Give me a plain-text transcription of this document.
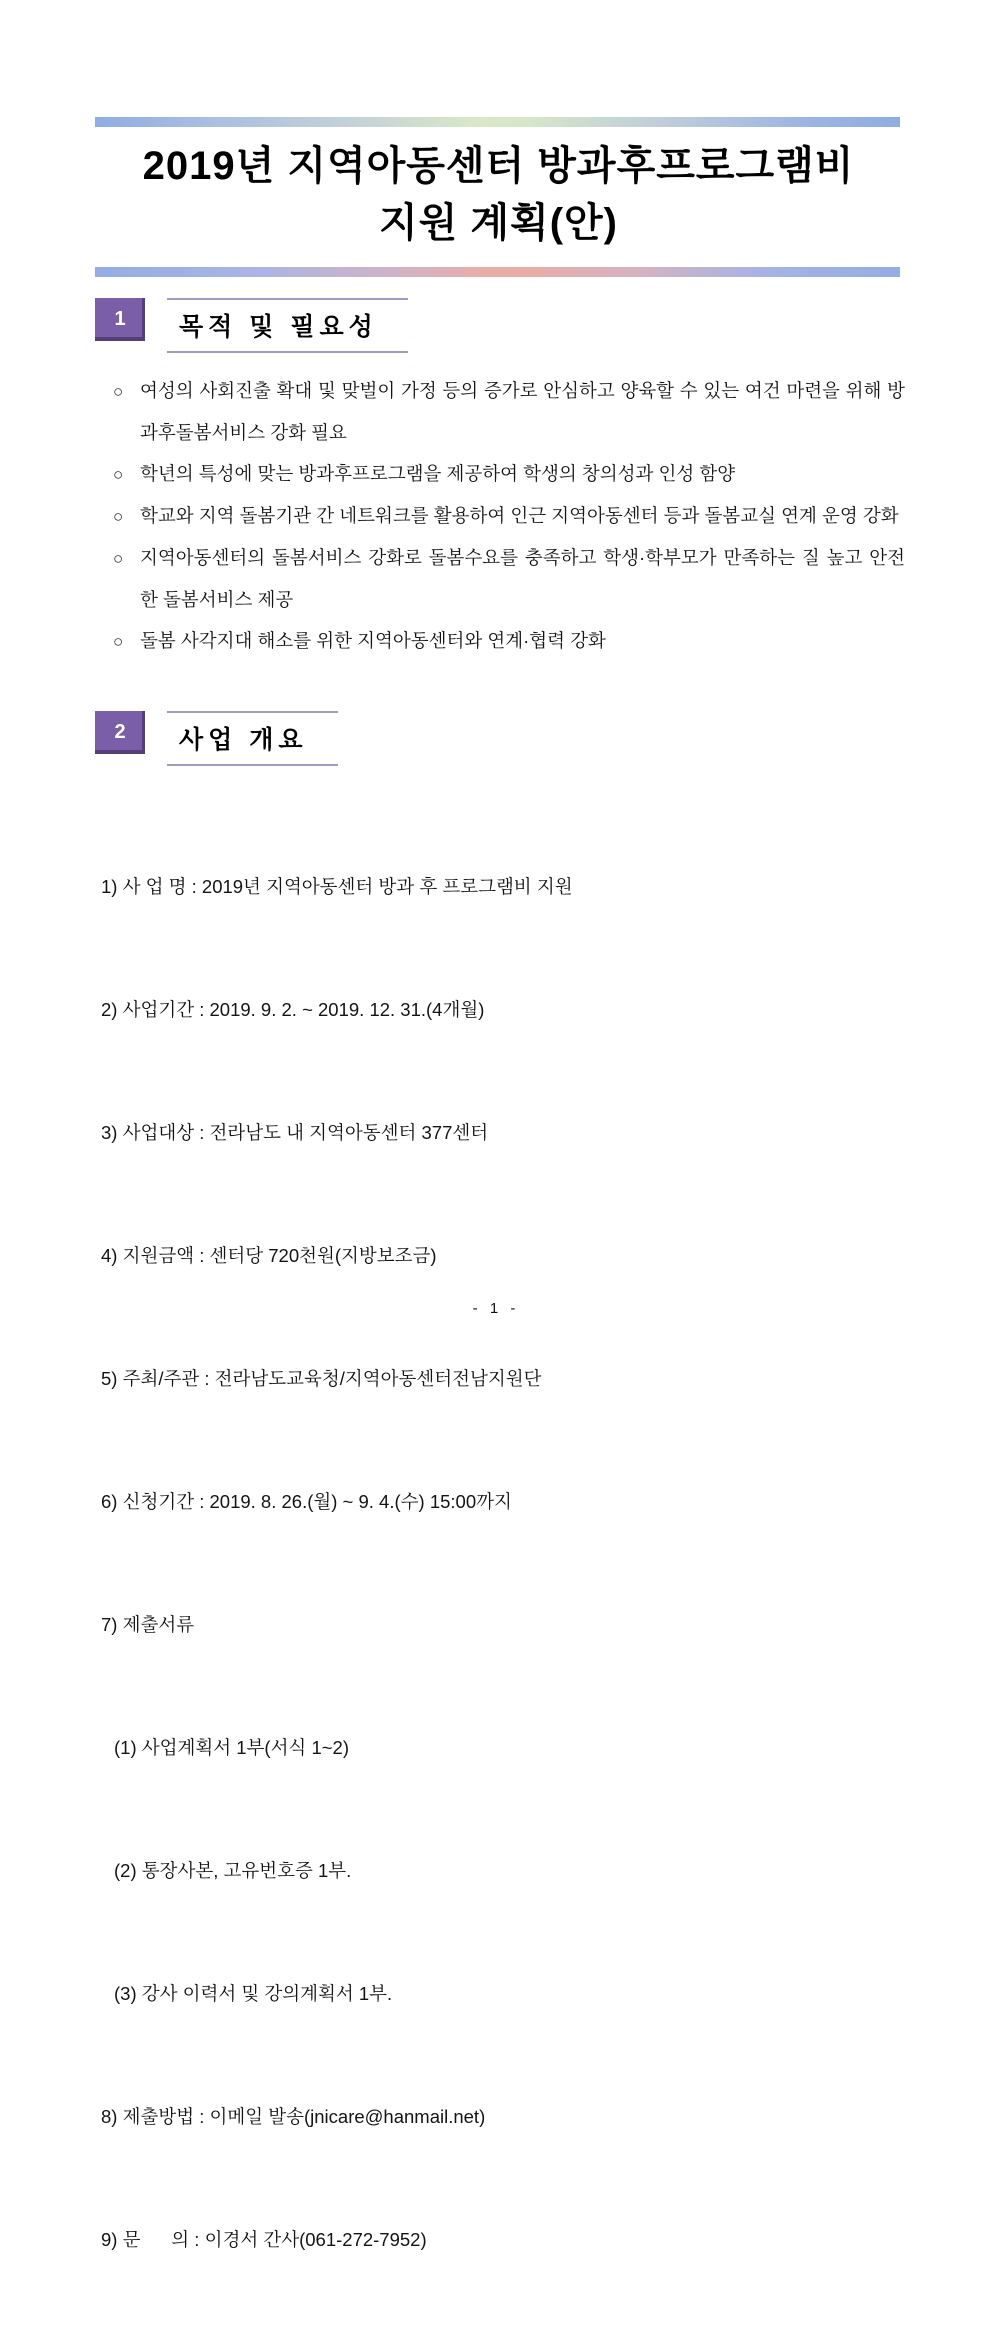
2019년 지역아동센터 방과후프로그램비
지원 계획(안)
1	목적 및 필요성
○ 여성의 사회진출 확대 및 맞벌이 가정 등의 증가로 안심하고 양육할 수 있는 여건 마련을 위해 방과후돌봄서비스 강화 필요
○ 학년의 특성에 맞는 방과후프로그램을 제공하여 학생의 창의성과 인성 함양
○ 학교와 지역 돌봄기관 간 네트워크를 활용하여 인근 지역아동센터 등과 돌봄교실 연계 운영 강화
○ 지역아동센터의 돌봄서비스 강화로 돌봄수요를 충족하고 학생·학부모가 만족하는 질 높고 안전한 돌봄서비스 제공
○ 돌봄 사각지대 해소를 위한 지역아동센터와 연계·협력 강화
2	사업 개요

1) 사 업 명 : 2019년 지역아동센터 방과 후 프로그램비 지원

2) 사업기간 : 2019. 9. 2. ~ 2019. 12. 31.(4개월)

3) 사업대상 : 전라남도 내 지역아동센터 377센터

4) 지원금액 : 센터당 720천원(지방보조금)

5) 주최/주관 : 전라남도교육청/지역아동센터전남지원단

6) 신청기간 : 2019. 8. 26.(월) ~ 9. 4.(수) 15:00까지

7) 제출서류

(1) 사업계획서 1부(서식 1~2)

(2) 통장사본, 고유번호증 1부.

(3) 강사 이력서 및 강의계획서 1부.

8) 제출방법 : 이메일 발송(jnicare@hanmail.net)

9) 문      의 : 이경서 간사(061-272-7952)

- 1 -
